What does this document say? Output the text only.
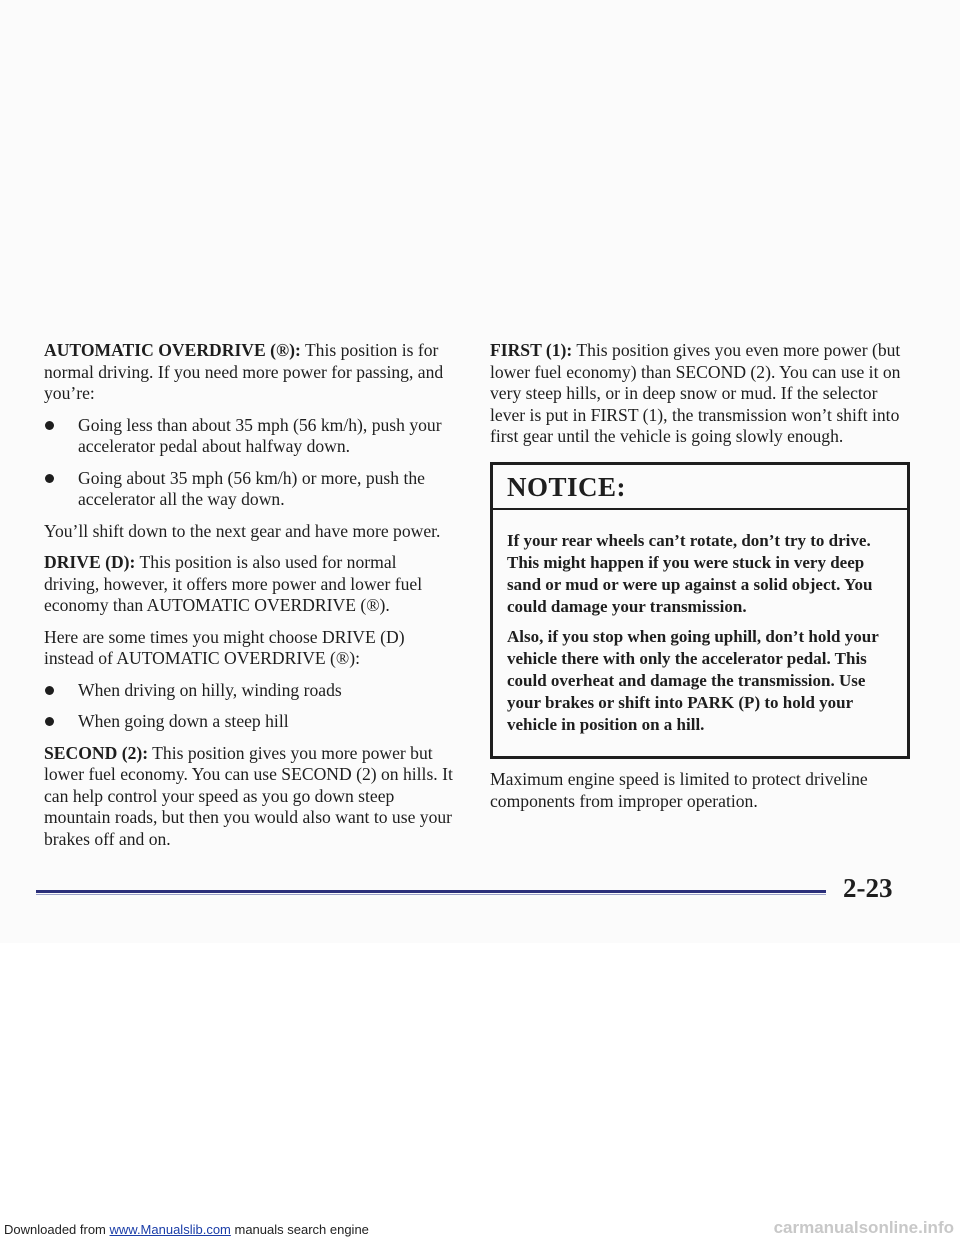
AUTOMATIC OVERDRIVE (®): This position is for normal driving. If you need more power for passing, and you’re:

Going less than about 35 mph (56 km/h), push your accelerator pedal about halfway down.
Going about 35 mph (56 km/h) or more, push the accelerator all the way down.

You’ll shift down to the next gear and have more power.

DRIVE (D): This position is also used for normal driving, however, it offers more power and lower fuel economy than AUTOMATIC OVERDRIVE (®).

Here are some times you might choose DRIVE (D) instead of AUTOMATIC OVERDRIVE (®):

When driving on hilly, winding roads
When going down a steep hill

SECOND (2): This position gives you more power but lower fuel economy. You can use SECOND (2) on hills. It can help control your speed as you go down steep mountain roads, but then you would also want to use your brakes off and on.

FIRST (1): This position gives you even more power (but lower fuel economy) than SECOND (2). You can use it on very steep hills, or in deep snow or mud. If the selector lever is put in FIRST (1), the transmission won’t shift into first gear until the vehicle is going slowly enough.

NOTICE:

If your rear wheels can’t rotate, don’t try to drive. This might happen if you were stuck in very deep sand or mud or were up against a solid object. You could damage your transmission.

Also, if you stop when going uphill, don’t hold your vehicle there with only the accelerator pedal. This could overheat and damage the transmission. Use your brakes or shift into PARK (P) to hold your vehicle in position on a hill.

Maximum engine speed is limited to protect driveline components from improper operation.

2-23
Downloaded from www.Manualslib.com manuals search engine	carmanualsonline.info
